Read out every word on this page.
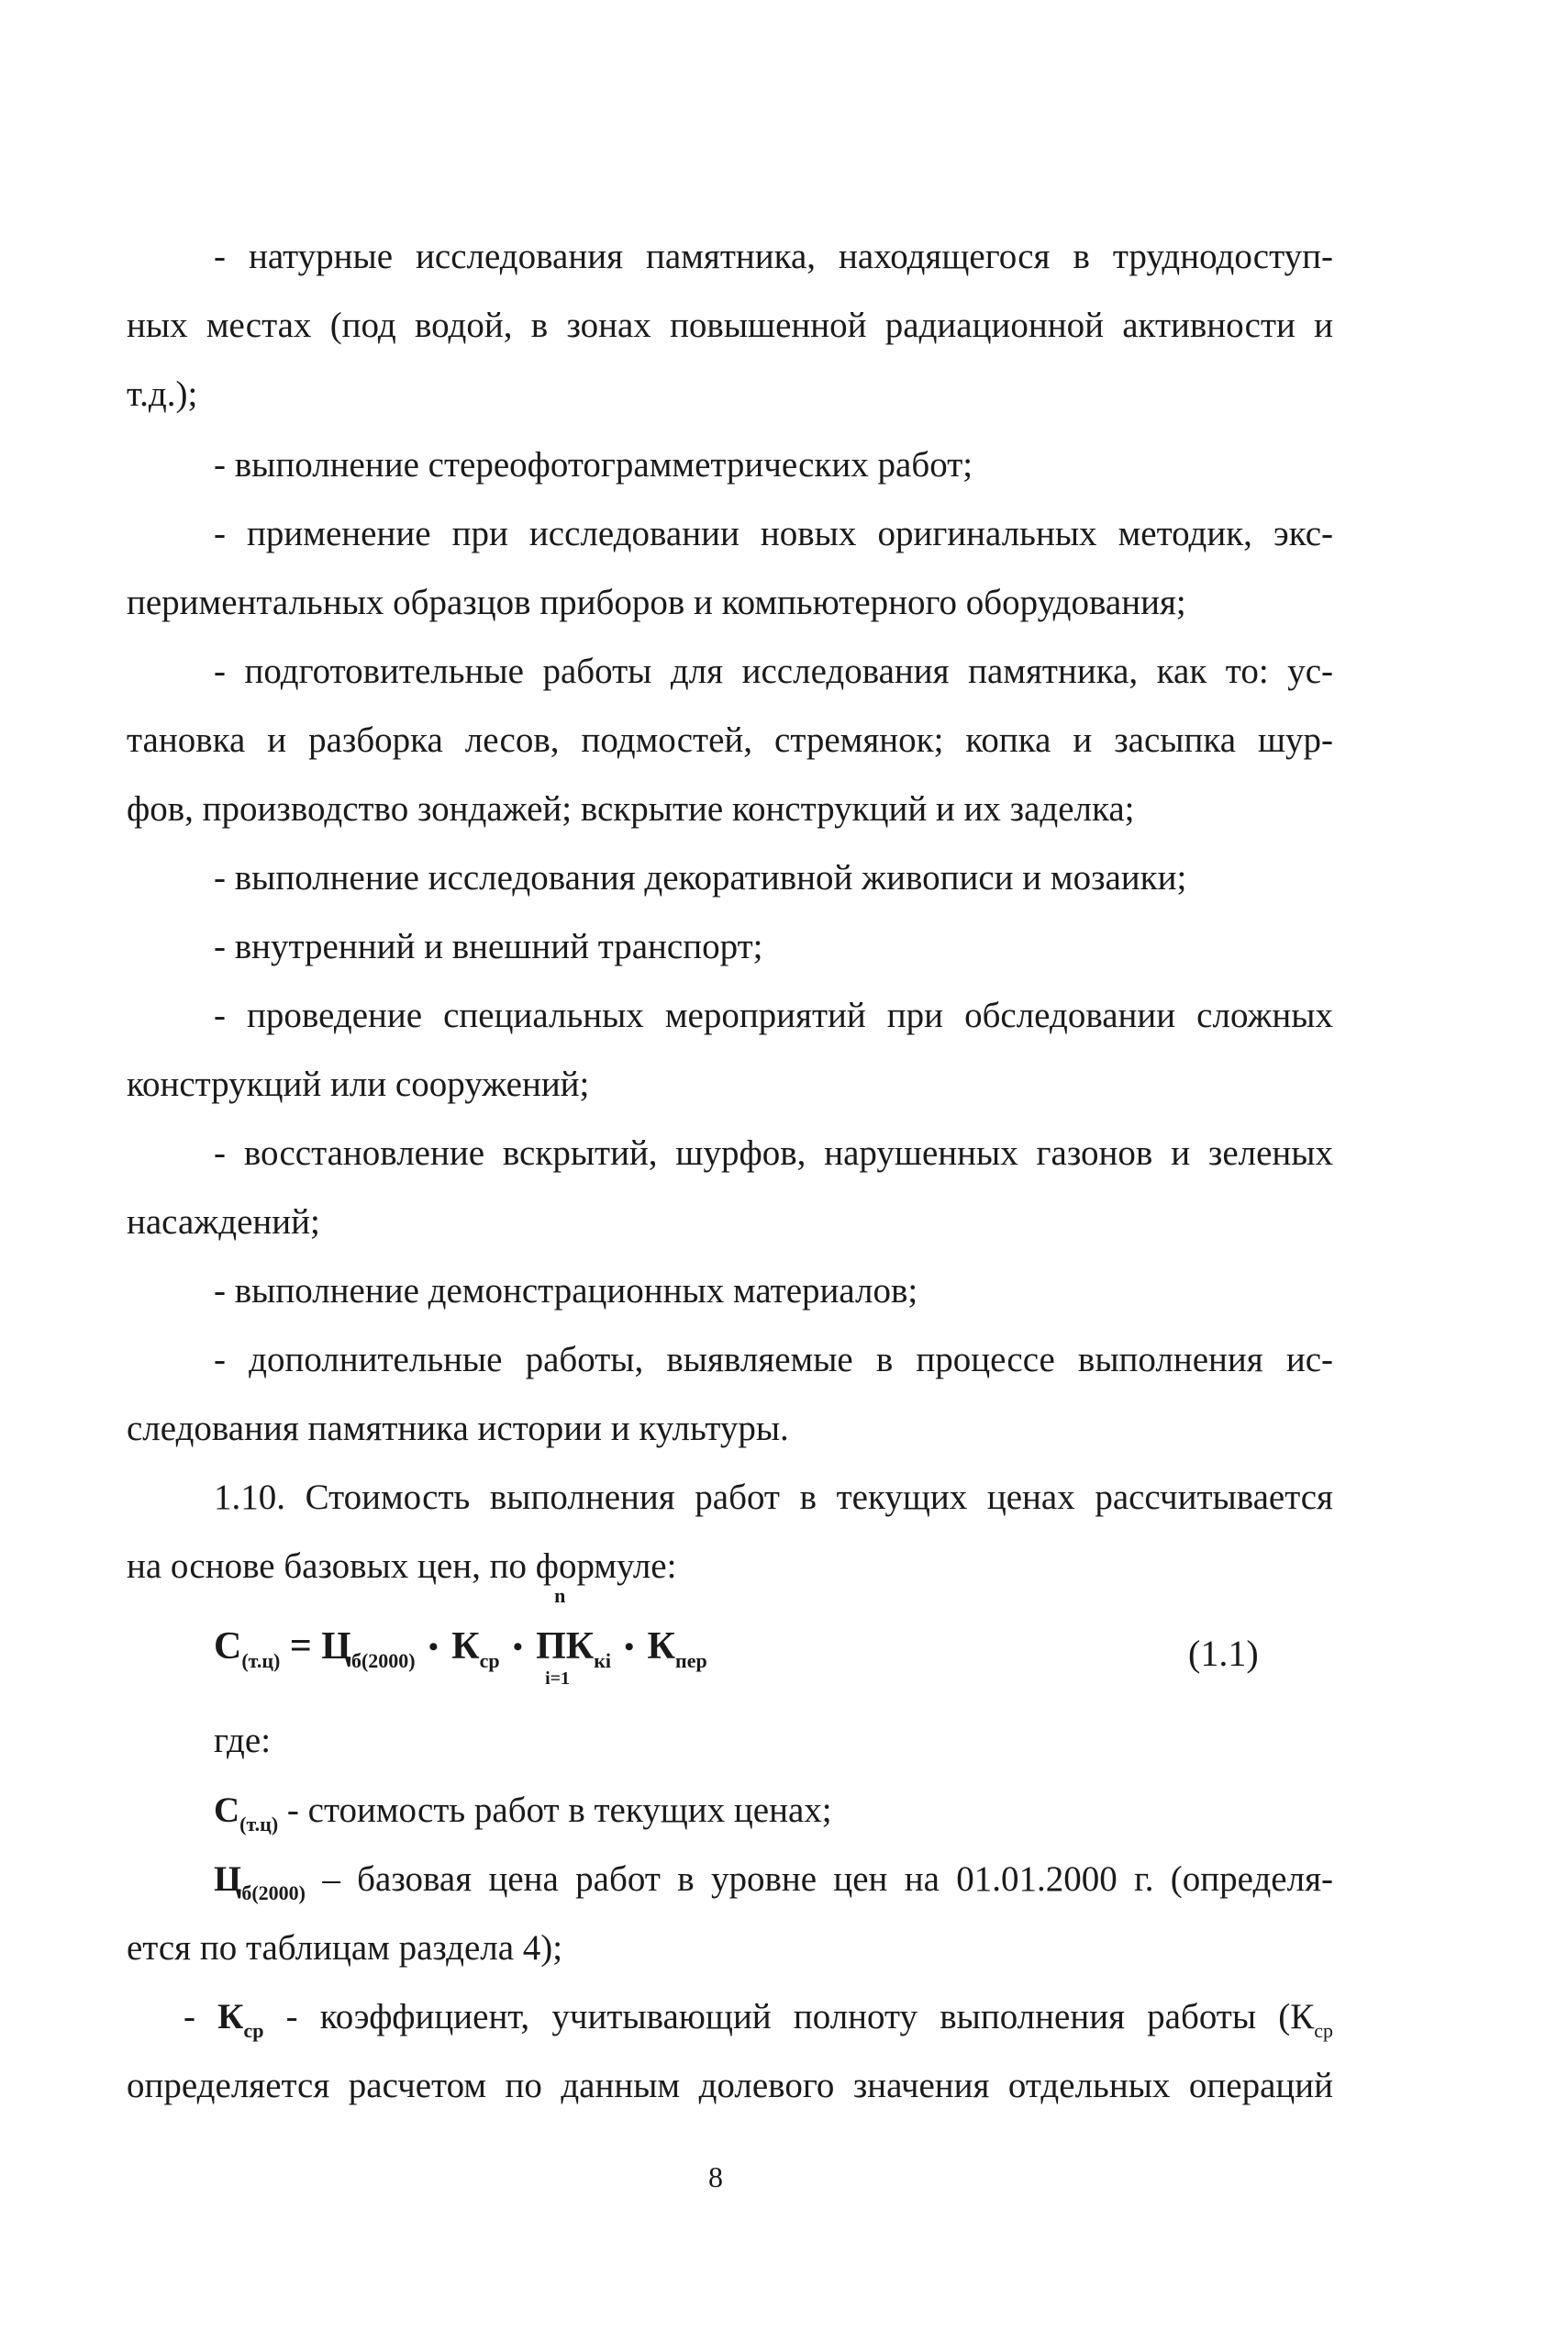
- натурные исследования памятника, находящегося в труднодоступ-
ных местах (под водой, в зонах повышенной радиационной активности и
т.д.);
- выполнение стереофотограмметрических работ;
- применение при исследовании новых оригинальных методик, экс-
периментальных образцов приборов и компьютерного оборудования;
- подготовительные работы для исследования памятника, как то: ус-
тановка и разборка лесов, подмостей, стремянок; копка и засыпка шур-
фов, производство зондажей; вскрытие конструкций и их заделка;
- выполнение исследования декоративной живописи и мозаики;
- внутренний и внешний транспорт;
- проведение специальных мероприятий при обследовании сложных
конструкций или сооружений;
- восстановление вскрытий, шурфов, нарушенных газонов и зеленых
насаждений;
- выполнение демонстрационных материалов;
- дополнительные работы, выявляемые в процессе выполнения ис-
следования памятника истории и культуры.
1.10. Стоимость выполнения работ в текущих ценах рассчитывается
на основе базовых цен, по формуле:
$С_{(т.ц)} = Ц_{б(2000)}$ • $К_{ср}$ •
n
П
i=1
$К_{кi}$ • $К_{пер}$	(1.1)
где:
$С_{(т.ц)}$ - стоимость работ в текущих ценах;
$Ц_{б(2000)}$ – базовая цена работ в уровне цен на 01.01.2000 г. (определя-
ется по таблицам раздела 4);
- $К_{ср}$ - коэффициент, учитывающий полноту выполнения работы ($К_{ср}$
определяется расчетом по данным долевого значения отдельных операций
8
